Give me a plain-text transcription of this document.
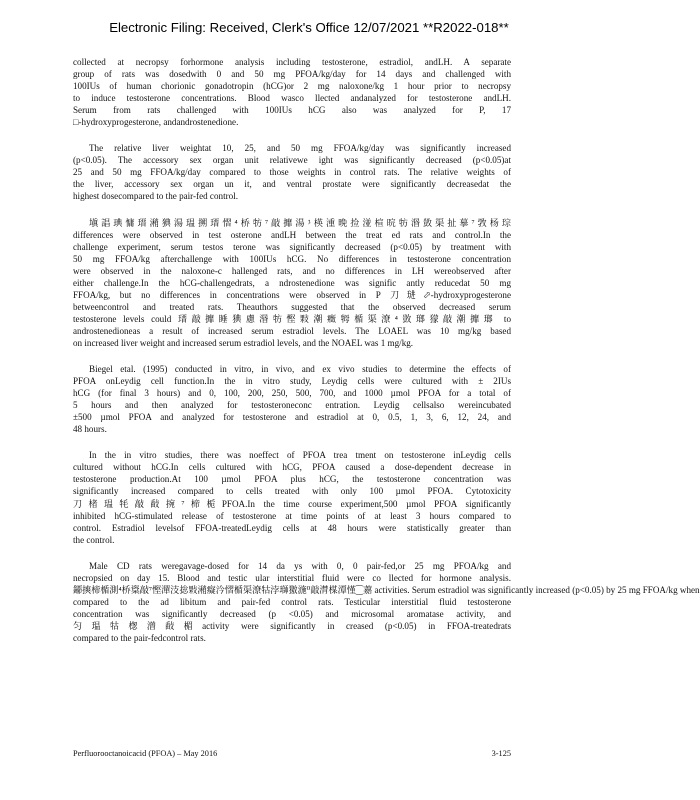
Electronic Filing: Received, Clerk's Office 12/07/2021 **R2022-018**
collected at necropsy forhormone analysis including testosterone, estradiol, andLH. A separate
group of rats was dosedwith 0 and 50 mg PFOA/kg/day for 14 days and challenged with
100IUs of human chorionic gonadotropin (hCG)or 2 mg naloxone/kg 1 hour prior to necropsy
to induce testosterone concentrations. Blood wasco llected andanalyzed for testosterone andLH.
Serum from rats challenged with 100IUs hCG also was analyzed for P, 17
□-hydroxyprogesterone, andandrostenedione.
The relative liver weightat 10, 25, and 50 mg FFOA/kg/day was significantly increased
(p<0.05). The accessory sex organ unit relativewe ight was significantly decreased (p<0.05)at
25 and 50 mg FFOA/kg/day compared to those weights in control rats. The relative weights of
the liver, accessory sex organ un it, and ventral prostate were significantly decreasedat the
highest dosecompared to the pair-fed control.
塡誯琠慵瑨潲猠湯瑥搠瑨慴⁴桥牥⁷敲攠湯⁳楧湩晩捡湴⁤楦晥牥湣敳⁩渠扯摹⁷敩杨琮
differences were observed in test osterone andLH between the treat ed rats and control.In the
challenge experiment, serum testos terone was significantly decreased (p<0.05) by treatment with
50 mg FFOA/kg afterchallenge with 100IUs hCG. No differences in testosterone concentration
were observed in the naloxone-c hallenged rats, and no differences in LH wereobserved after
either challenge.In the hCG-challengedrats, a ndrostenedione was signific antly reducedat 50 mg
FFOA/kg, but no differences in concentrations were observed in P 刀琎⬀-hydroxyprogesterone
betweencontrol and treated rats. Theauthors suggested that the observed decreased serum
testosterone levels could 瑨敲攠睡猠慮⁩湣牥慳敤⁣潮癥牳楯渠潦⁴敳瑯獴敲潮攠瑯 to
androstenedioneas a result of increased serum estradiol levels. The LOAEL was 10 mg/kg based
on increased liver weight and increased serum estradiol levels, and the NOAEL was 1 mg/kg.
Biegel etal. (1995) conducted in vitro, in vivo, and ex vivo studies to determine the effects of
PFOA onLeydig cell function.In the in vitro study, Leydig cells were cultured with ± 2IUs
hCG (for final 3 hours) and 0, 100, 200, 250, 500, 700, and 1000 µmol PFOA for a total of
5 hours and then analyzed for testosteroneconc entration. Leydig cellsalso wereincubated
±500 µmol PFOA and analyzed for testosterone and estradiol at 0, 0.5, 1, 3, 6, 12, 24, and
48 hours.
In the in vitro studies, there was noeffect of PFOA trea tment on testosterone inLeydig cells
cultured without hCG.In cells cultured with hCG, PFOA caused a dose-dependent decrease in
testosterone production.At 100 µmol PFOA plus hCG, the testosterone concentration was
significantly increased compared to cells treated with only 100 µmol PFOA. Cytotoxicity
刀楮瑥牦敲敮捥⁷楴栀PFOA.In the time course experiment,500 µmol PFOA significantly
inhibited hCG-stimulated release of testosterone at time points of at least 3 hours compared to
control. Estradiol levelsof FFOA-treatedLeydig cells at 48 hours were statistically greater than
the control.
Male CD rats weregavage-dosed for 14 da ys with 0, 0 pair-fed,or 25 mg PFOA/kg and
necropsied on day 15. Blood and testic ular interstitial fluid were co llected for hormone analysis.
䥮⁡摤楴楯測⁴桥⁬楶敲⁷慳⁣潬汥捴敤⁦潲⁥癡汵慴楯渠潦⁡牯浡瑡獥⁡湤⁰敲潸楳潭慬⁐䕒 activities. Serum estradiol was significantly increased (p<0.05) by 25 mg FFOA/kg when
compared to the ad libitum and pair-fed control rats. Testicular interstitial fluid testosterone
concentration was significantly decreased (p <0.05) and microsomal aromatase activity, and
匀瑥牯楤潧敮楣⁡activity were significantly in creased (p<0.05) in FFOA-treatedrats
compared to the pair-fedcontrol rats.
Perfluorooctanoicacid (PFOA) – May 2016	3-125
